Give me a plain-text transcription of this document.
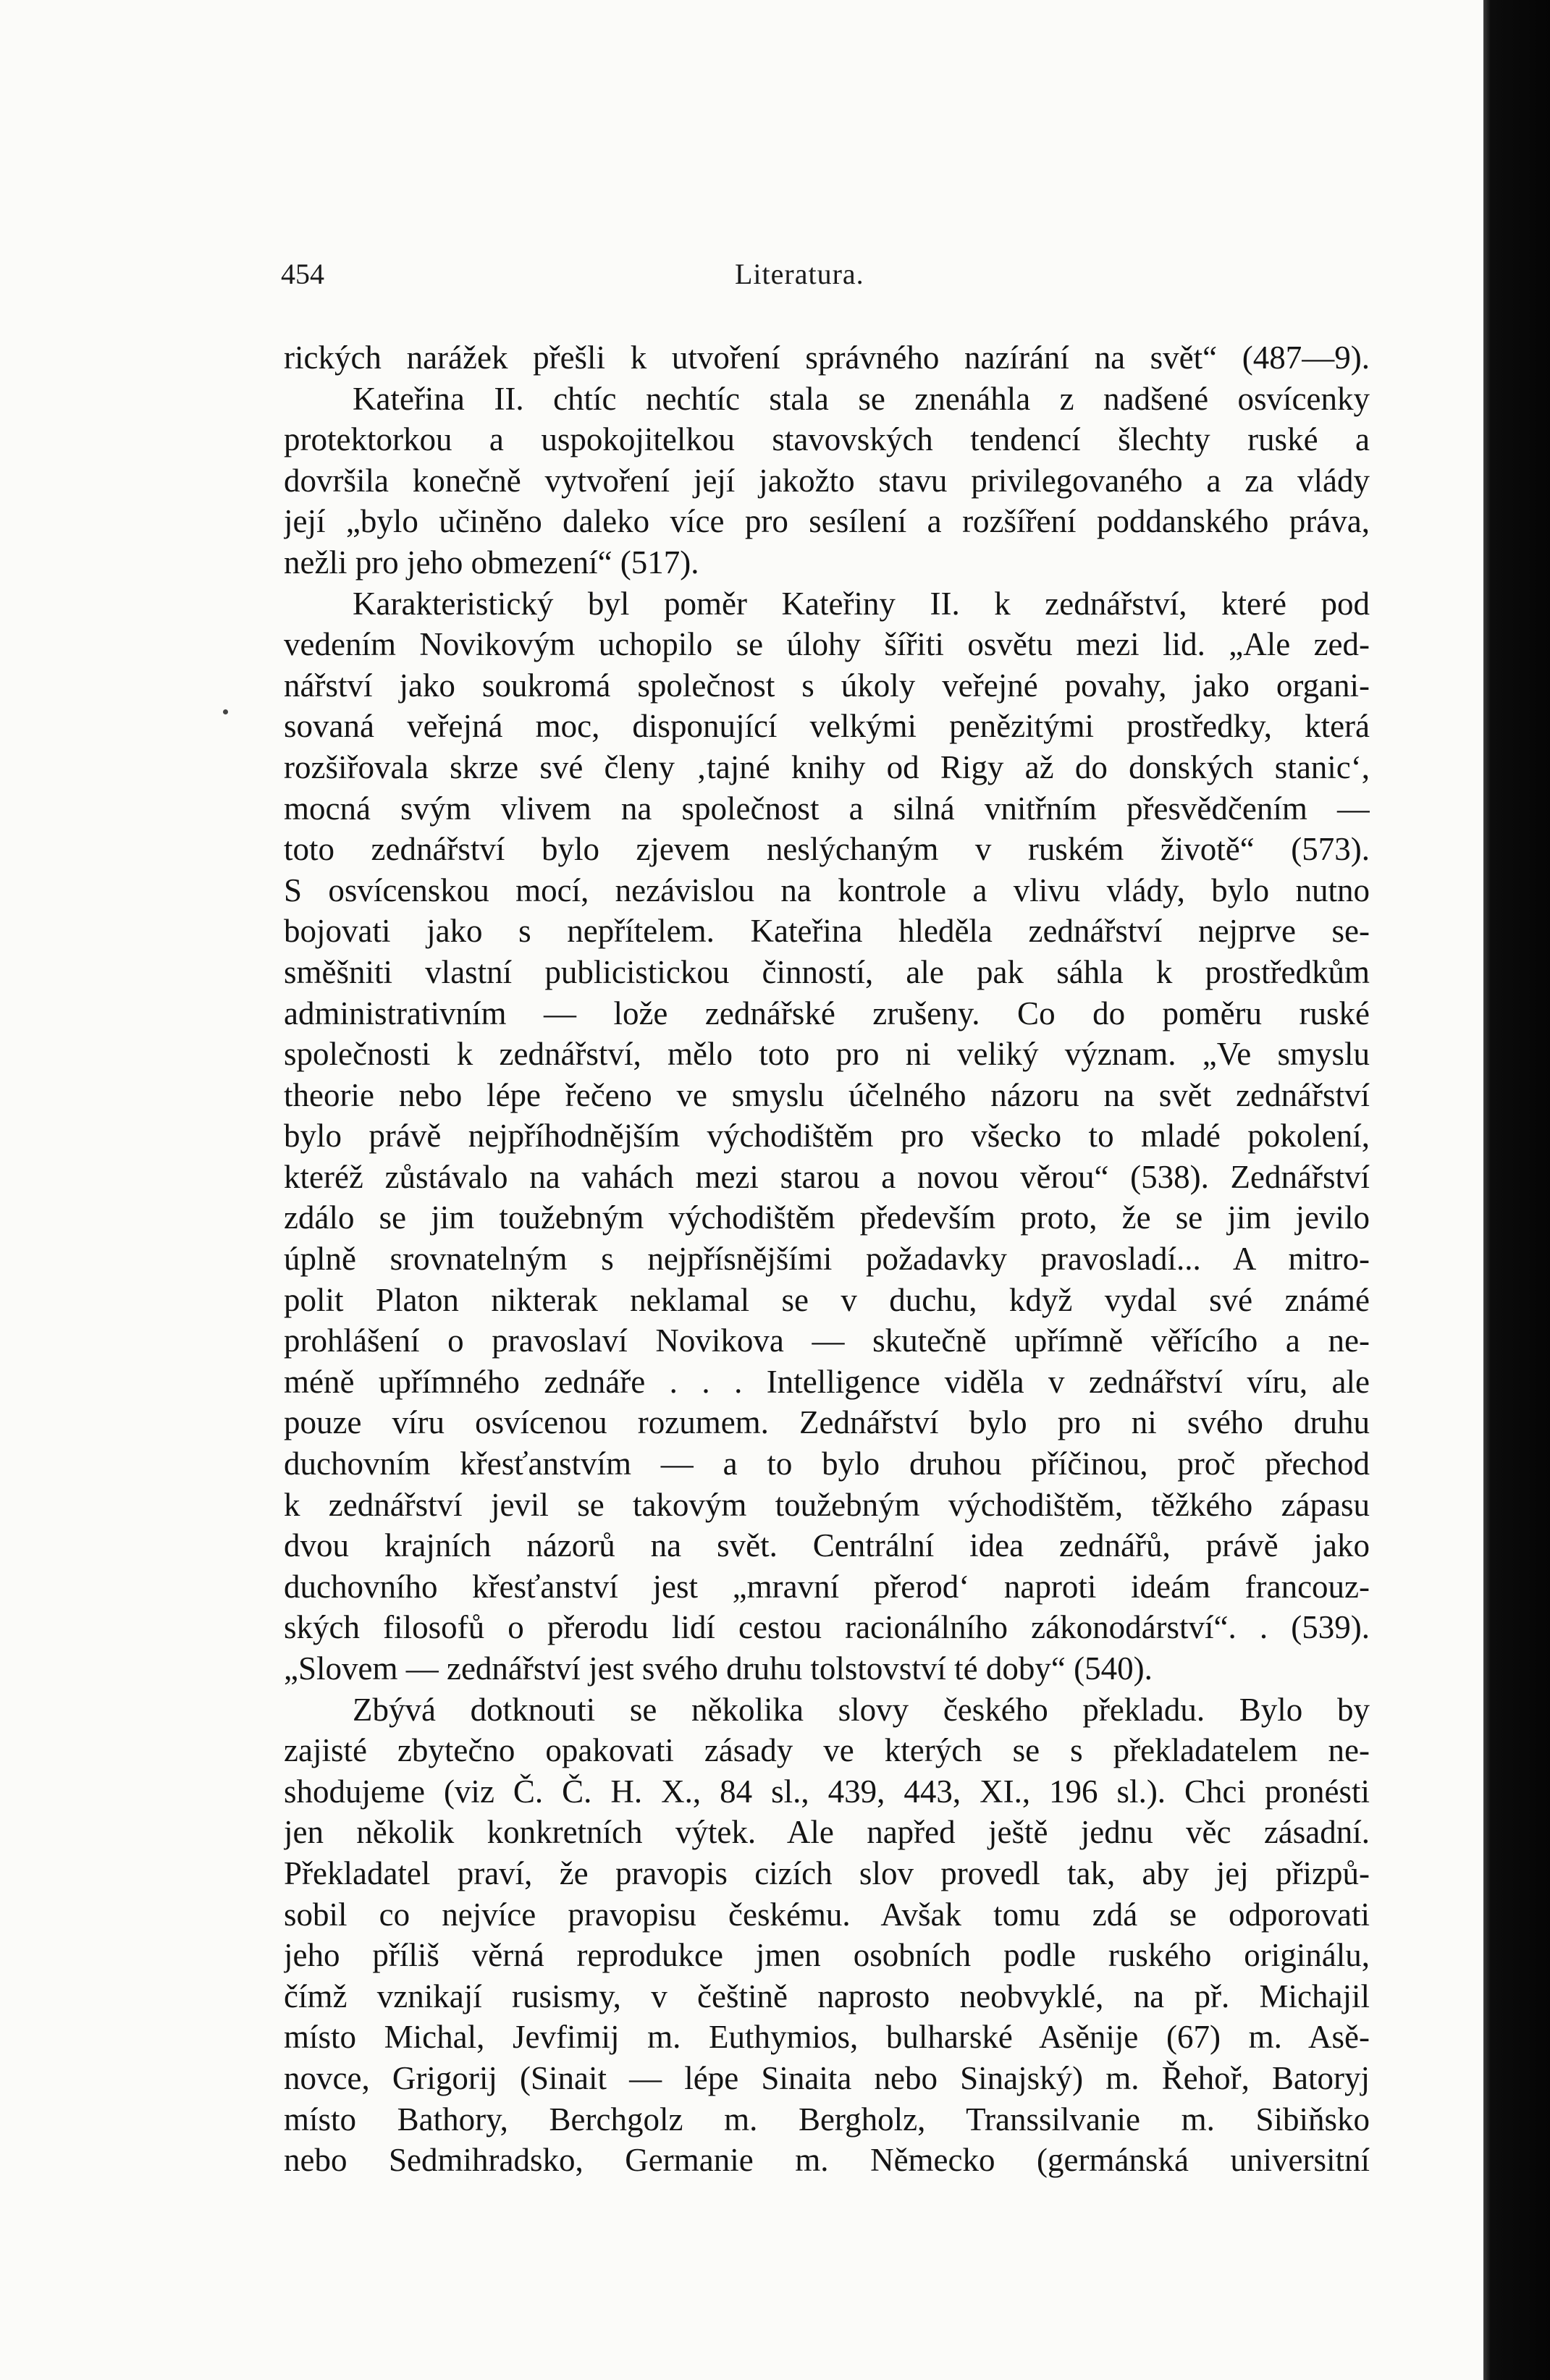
454	Literatura.
rických narážek přešli k utvoření správného nazírání na svět“ (487—9).
Kateřina II. chtíc nechtíc stala se znenáhla z nadšené osvícenky
protektorkou a uspokojitelkou stavovských tendencí šlechty ruské a
dovršila konečně vytvoření její jakožto stavu privilegovaného a za vlády
její „bylo učiněno daleko více pro sesílení a rozšíření poddanského práva,
nežli pro jeho obmezení“ (517).
Karakteristický byl poměr Kateřiny II. k zednářství, které pod
vedením Novikovým uchopilo se úlohy šířiti osvětu mezi lid. „Ale zed-
nářství jako soukromá společnost s úkoly veřejné povahy, jako organi-
sovaná veřejná moc, disponující velkými penězitými prostředky, která
rozšiřovala skrze své členy ‚tajné knihy od Rigy až do donských stanic‘,
mocná svým vlivem na společnost a silná vnitřním přesvědčením —
toto zednářství bylo zjevem neslýchaným v ruském životě“ (573).
S osvícenskou mocí, nezávislou na kontrole a vlivu vlády, bylo nutno
bojovati jako s nepřítelem. Kateřina hleděla zednářství nejprve se-
směšniti vlastní publicistickou činností, ale pak sáhla k prostředkům
administrativním — lože zednářské zrušeny. Co do poměru ruské
společnosti k zednářství, mělo toto pro ni veliký význam. „Ve smyslu
theorie nebo lépe řečeno ve smyslu účelného názoru na svět zednářství
bylo právě nejpříhodnějším východištěm pro všecko to mladé pokolení,
kteréž zůstávalo na vahách mezi starou a novou věrou“ (538). Zednářství
zdálo se jim toužebným východištěm především proto, že se jim jevilo
úplně srovnatelným s nejpřísnějšími požadavky pravosladí... A mitro-
polit Platon nikterak neklamal se v duchu, když vydal své známé
prohlášení o pravoslaví Novikova — skutečně upřímně věřícího a ne-
méně upřímného zednáře . . . Intelligence viděla v zednářství víru, ale
pouze víru osvícenou rozumem. Zednářství bylo pro ni svého druhu
duchovním křesťanstvím — a to bylo druhou příčinou, proč přechod
k zednářství jevil se takovým toužebným východištěm, těžkého zápasu
dvou krajních názorů na svět. Centrální idea zednářů, právě jako
duchovního křesťanství jest „mravní přerod‘ naproti ideám francouz-
ských filosofů o přerodu lidí cestou racionálního zákonodárství“. . (539).
„Slovem — zednářství jest svého druhu tolstovství té doby“ (540).
Zbývá dotknouti se několika slovy českého překladu. Bylo by
zajisté zbytečno opakovati zásady ve kterých se s překladatelem ne-
shodujeme (viz Č. Č. H. X., 84 sl., 439, 443, XI., 196 sl.). Chci pronésti
jen několik konkretních výtek. Ale napřed ještě jednu věc zásadní.
Překladatel praví, že pravopis cizích slov provedl tak, aby jej přizpů-
sobil co nejvíce pravopisu českému. Avšak tomu zdá se odporovati
jeho příliš věrná reprodukce jmen osobních podle ruského originálu,
čímž vznikají rusismy, v češtině naprosto neobvyklé, na př. Michajil
místo Michal, Jevfimij m. Euthymios, bulharské Asěnije (67) m. Asě-
novce, Grigorij (Sinait — lépe Sinaita nebo Sinajský) m. Řehoř, Batoryj
místo Bathory, Berchgolz m. Bergholz, Transsilvanie m. Sibiňsko
nebo Sedmihradsko, Germanie m. Německo (germánská universitní
